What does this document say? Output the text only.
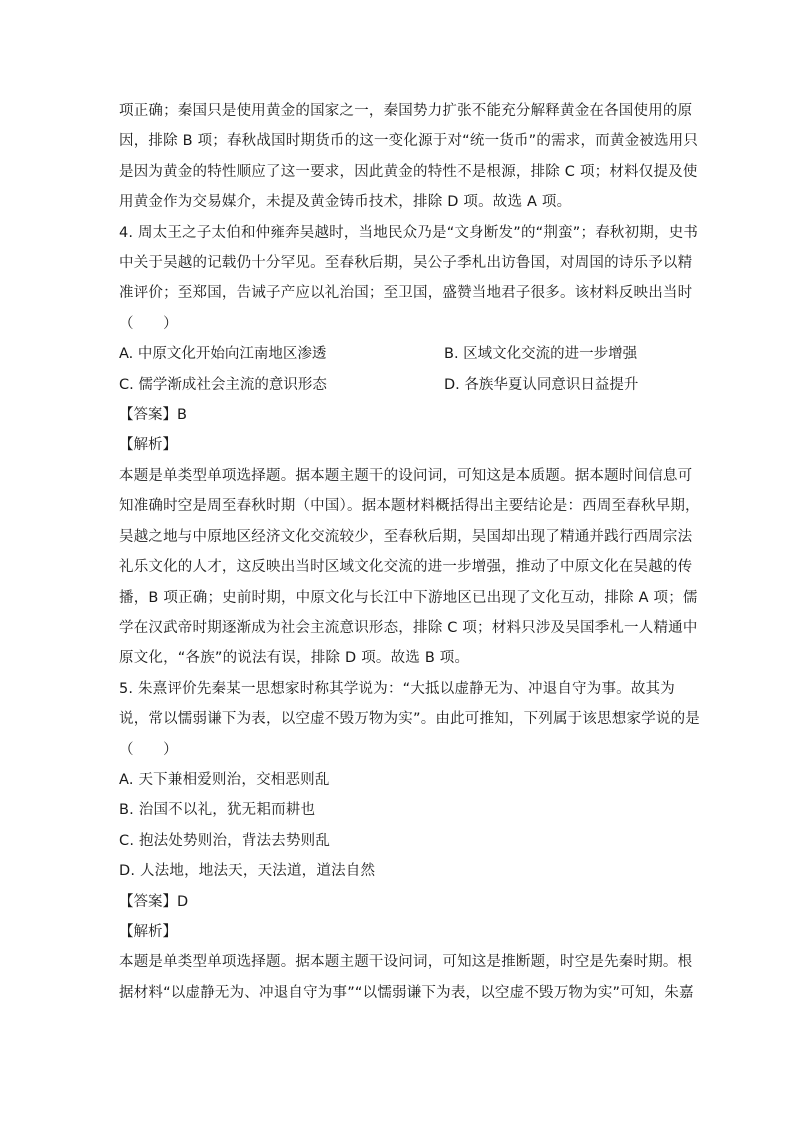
项正确；秦国只是使用黄金的国家之一，秦国势力扩张不能充分解释黄金在各国使用的原
因，排除 B 项；春秋战国时期货币的这一变化源于对“统一货币”的需求，而黄金被选用只
是因为黄金的特性顺应了这一要求，因此黄金的特性不是根源，排除 C 项；材料仅提及使
用黄金作为交易媒介，未提及黄金铸币技术，排除 D 项。故选 A 项。
4. 周太王之子太伯和仲雍奔吴越时，当地民众乃是“文身断发”的“荆蛮”；春秋初期，史书
中关于吴越的记载仍十分罕见。至春秋后期，吴公子季札出访鲁国，对周国的诗乐予以精
准评价；至郑国，告诫子产应以礼治国；至卫国，盛赞当地君子很多。该材料反映出当时
（　　）
A. 中原文化开始向江南地区渗透	B. 区域文化交流的进一步增强
C. 儒学渐成社会主流的意识形态	D. 各族华夏认同意识日益提升
【答案】B
【解析】
本题是单类型单项选择题。据本题主题干的设问词，可知这是本质题。据本题时间信息可
知准确时空是周至春秋时期（中国）。据本题材料概括得出主要结论是：西周至春秋早期，
吴越之地与中原地区经济文化交流较少，至春秋后期，吴国却出现了精通并践行西周宗法
礼乐文化的人才，这反映出当时区域文化交流的进一步增强，推动了中原文化在吴越的传
播，B 项正确；史前时期，中原文化与长江中下游地区已出现了文化互动，排除 A 项；儒
学在汉武帝时期逐渐成为社会主流意识形态，排除 C 项；材料只涉及吴国季札一人精通中
原文化，“各族”的说法有误，排除 D 项。故选 B 项。
5. 朱熹评价先秦某一思想家时称其学说为：“大抵以虚静无为、冲退自守为事。故其为
说，常以懦弱谦下为表，以空虚不毁万物为实”。由此可推知，下列属于该思想家学说的是
（　　）
A. 天下兼相爱则治，交相恶则乱
B. 治国不以礼，犹无耜而耕也
C. 抱法处势则治，背法去势则乱
D. 人法地，地法天，天法道，道法自然
【答案】D
【解析】
本题是单类型单项选择题。据本题主题干设问词，可知这是推断题，时空是先秦时期。根
据材料“以虚静无为、冲退自守为事”“以懦弱谦下为表，以空虚不毁万物为实”可知，朱嘉
